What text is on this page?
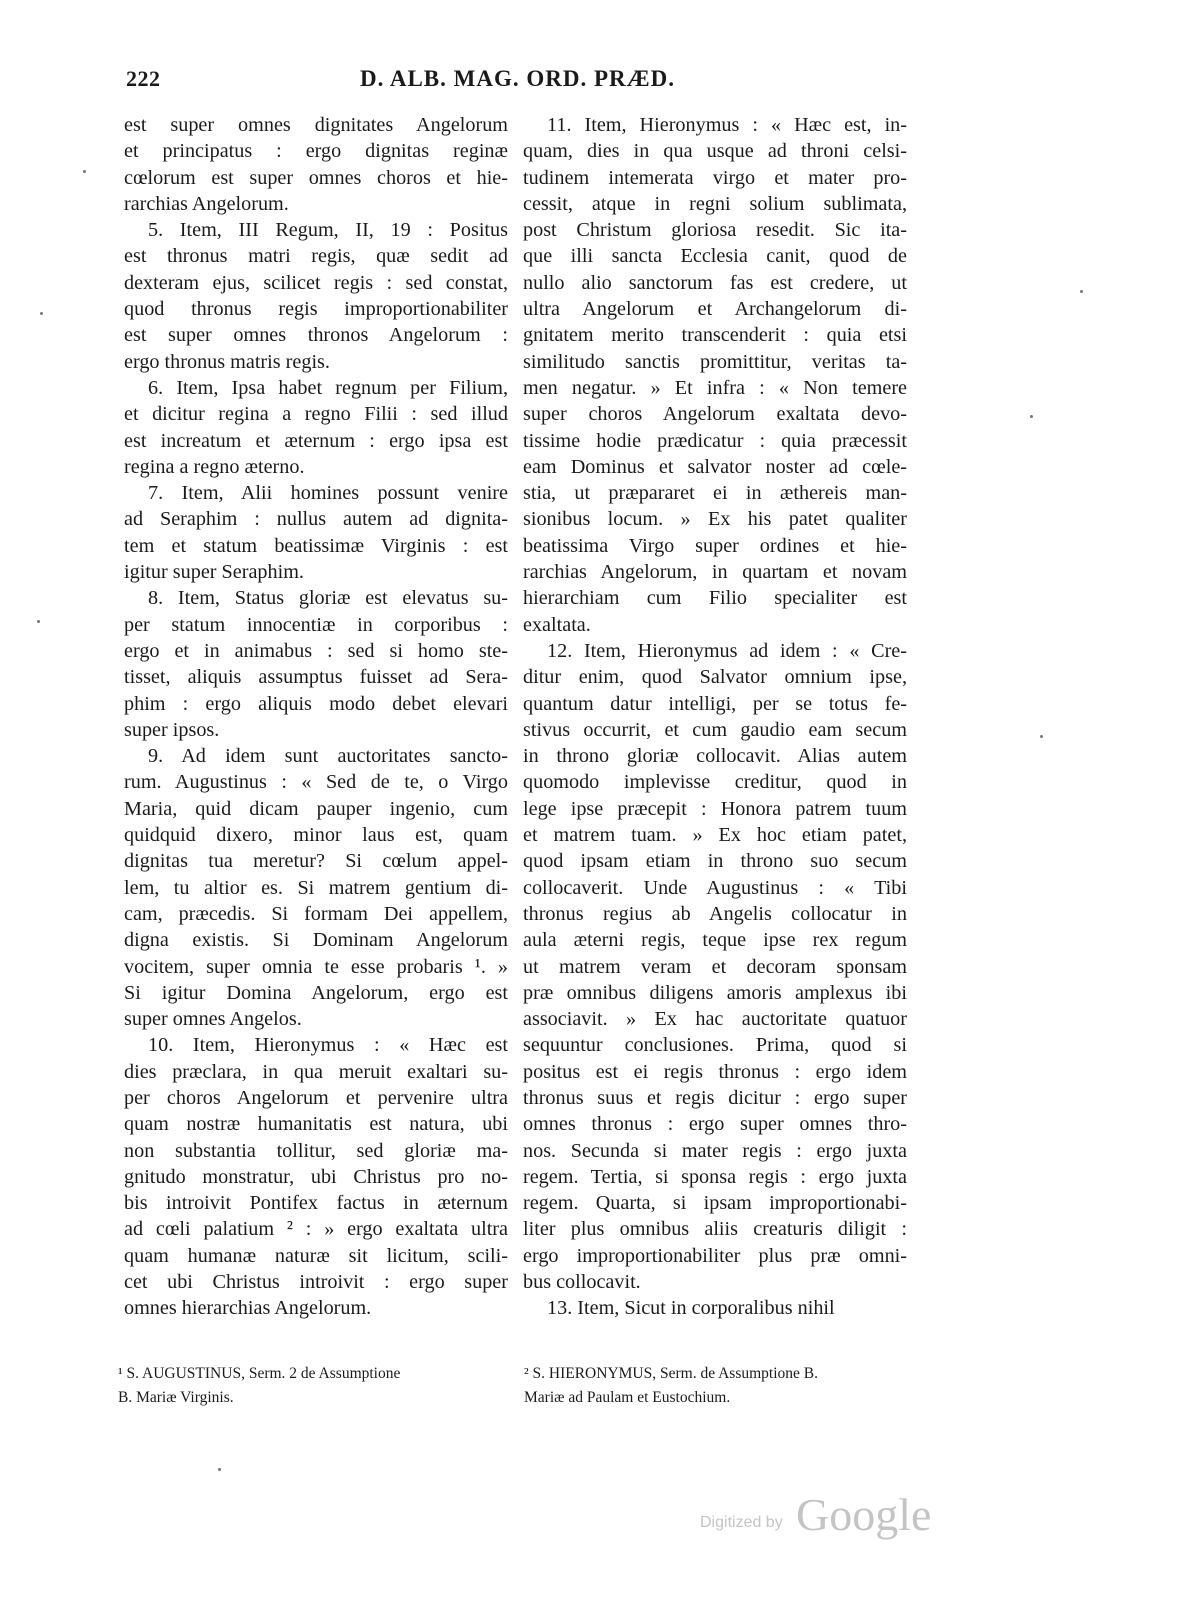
222	D. ALB. MAG. ORD. PRÆD.
est super omnes dignitates Angelorum
et principatus : ergo dignitas reginæ
cœlorum est super omnes choros et hie-
rarchias Angelorum.
5. Item, III Regum, II, 19 : Positus
est thronus matri regis, quæ sedit ad
dexteram ejus, scilicet regis : sed constat,
quod thronus regis improportionabiliter
est super omnes thronos Angelorum :
ergo thronus matris regis.
6. Item, Ipsa habet regnum per Filium,
et dicitur regina a regno Filii : sed illud
est increatum et æternum : ergo ipsa est
regina a regno æterno.
7. Item, Alii homines possunt venire
ad Seraphim : nullus autem ad dignita-
tem et statum beatissimæ Virginis : est
igitur super Seraphim.
8. Item, Status gloriæ est elevatus su-
per statum innocentiæ in corporibus :
ergo et in animabus : sed si homo ste-
tisset, aliquis assumptus fuisset ad Sera-
phim : ergo aliquis modo debet elevari
super ipsos.
9. Ad idem sunt auctoritates sancto-
rum. Augustinus : « Sed de te, o Virgo
Maria, quid dicam pauper ingenio, cum
quidquid dixero, minor laus est, quam
dignitas tua meretur? Si cœlum appel-
lem, tu altior es. Si matrem gentium di-
cam, præcedis. Si formam Dei appellem,
digna existis. Si Dominam Angelorum
vocitem, super omnia te esse probaris ¹. »
Si igitur Domina Angelorum, ergo est
super omnes Angelos.
10. Item, Hieronymus : « Hæc est
dies præclara, in qua meruit exaltari su-
per choros Angelorum et pervenire ultra
quam nostræ humanitatis est natura, ubi
non substantia tollitur, sed gloriæ ma-
gnitudo monstratur, ubi Christus pro no-
bis introivit Pontifex factus in æternum
ad cœli palatium ² : » ergo exaltata ultra
quam humanæ naturæ sit licitum, scili-
cet ubi Christus introivit : ergo super
omnes hierarchias Angelorum.
11. Item, Hieronymus : « Hæc est, in-
quam, dies in qua usque ad throni celsi-
tudinem intemerata virgo et mater pro-
cessit, atque in regni solium sublimata,
post Christum gloriosa resedit. Sic ita-
que illi sancta Ecclesia canit, quod de
nullo alio sanctorum fas est credere, ut
ultra Angelorum et Archangelorum di-
gnitatem merito transcenderit : quia etsi
similitudo sanctis promittitur, veritas ta-
men negatur. » Et infra : « Non temere
super choros Angelorum exaltata devo-
tissime hodie prædicatur : quia præcessit
eam Dominus et salvator noster ad cœle-
stia, ut præpararet ei in æthereis man-
sionibus locum. » Ex his patet qualiter
beatissima Virgo super ordines et hie-
rarchias Angelorum, in quartam et novam
hierarchiam cum Filio specialiter est
exaltata.
12. Item, Hieronymus ad idem : « Cre-
ditur enim, quod Salvator omnium ipse,
quantum datur intelligi, per se totus fe-
stivus occurrit, et cum gaudio eam secum
in throno gloriæ collocavit. Alias autem
quomodo implevisse creditur, quod in
lege ipse præcepit : Honora patrem tuum
et matrem tuam. » Ex hoc etiam patet,
quod ipsam etiam in throno suo secum
collocaverit. Unde Augustinus : « Tibi
thronus regius ab Angelis collocatur in
aula æterni regis, teque ipse rex regum
ut matrem veram et decoram sponsam
præ omnibus diligens amoris amplexus ibi
associavit. » Ex hac auctoritate quatuor
sequuntur conclusiones. Prima, quod si
positus est ei regis thronus : ergo idem
thronus suus et regis dicitur : ergo super
omnes thronus : ergo super omnes thro-
nos. Secunda si mater regis : ergo juxta
regem. Tertia, si sponsa regis : ergo juxta
regem. Quarta, si ipsam improportionabi-
liter plus omnibus aliis creaturis diligit :
ergo improportionabiliter plus præ omni-
bus collocavit.
13. Item, Sicut in corporalibus nihil
¹ S. AUGUSTINUS, Serm. 2 de Assumptione
B. Mariæ Virginis.
² S. HIERONYMUS, Serm. de Assumptione B.
Mariæ ad Paulam et Eustochium.
Digitized by Google
